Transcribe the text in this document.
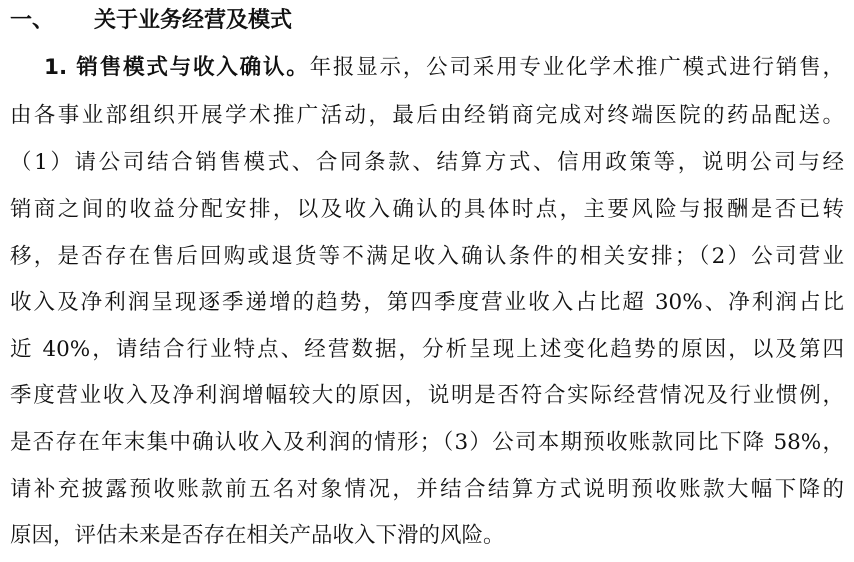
一、 关于业务经营及模式
1. 销售模式与收入确认。年报显示，公司采用专业化学术推广模式进行销售，
由各事业部组织开展学术推广活动，最后由经销商完成对终端医院的药品配送。
（1）请公司结合销售模式、合同条款、结算方式、信用政策等，说明公司与经
销商之间的收益分配安排，以及收入确认的具体时点，主要风险与报酬是否已转
移，是否存在售后回购或退货等不满足收入确认条件的相关安排；（2）公司营业
收入及净利润呈现逐季递增的趋势，第四季度营业收入占比超 30%、净利润占比
近 40%，请结合行业特点、经营数据，分析呈现上述变化趋势的原因，以及第四
季度营业收入及净利润增幅较大的原因，说明是否符合实际经营情况及行业惯例，
是否存在年末集中确认收入及利润的情形；（3）公司本期预收账款同比下降 58%，
请补充披露预收账款前五名对象情况，并结合结算方式说明预收账款大幅下降的
原因，评估未来是否存在相关产品收入下滑的风险。
